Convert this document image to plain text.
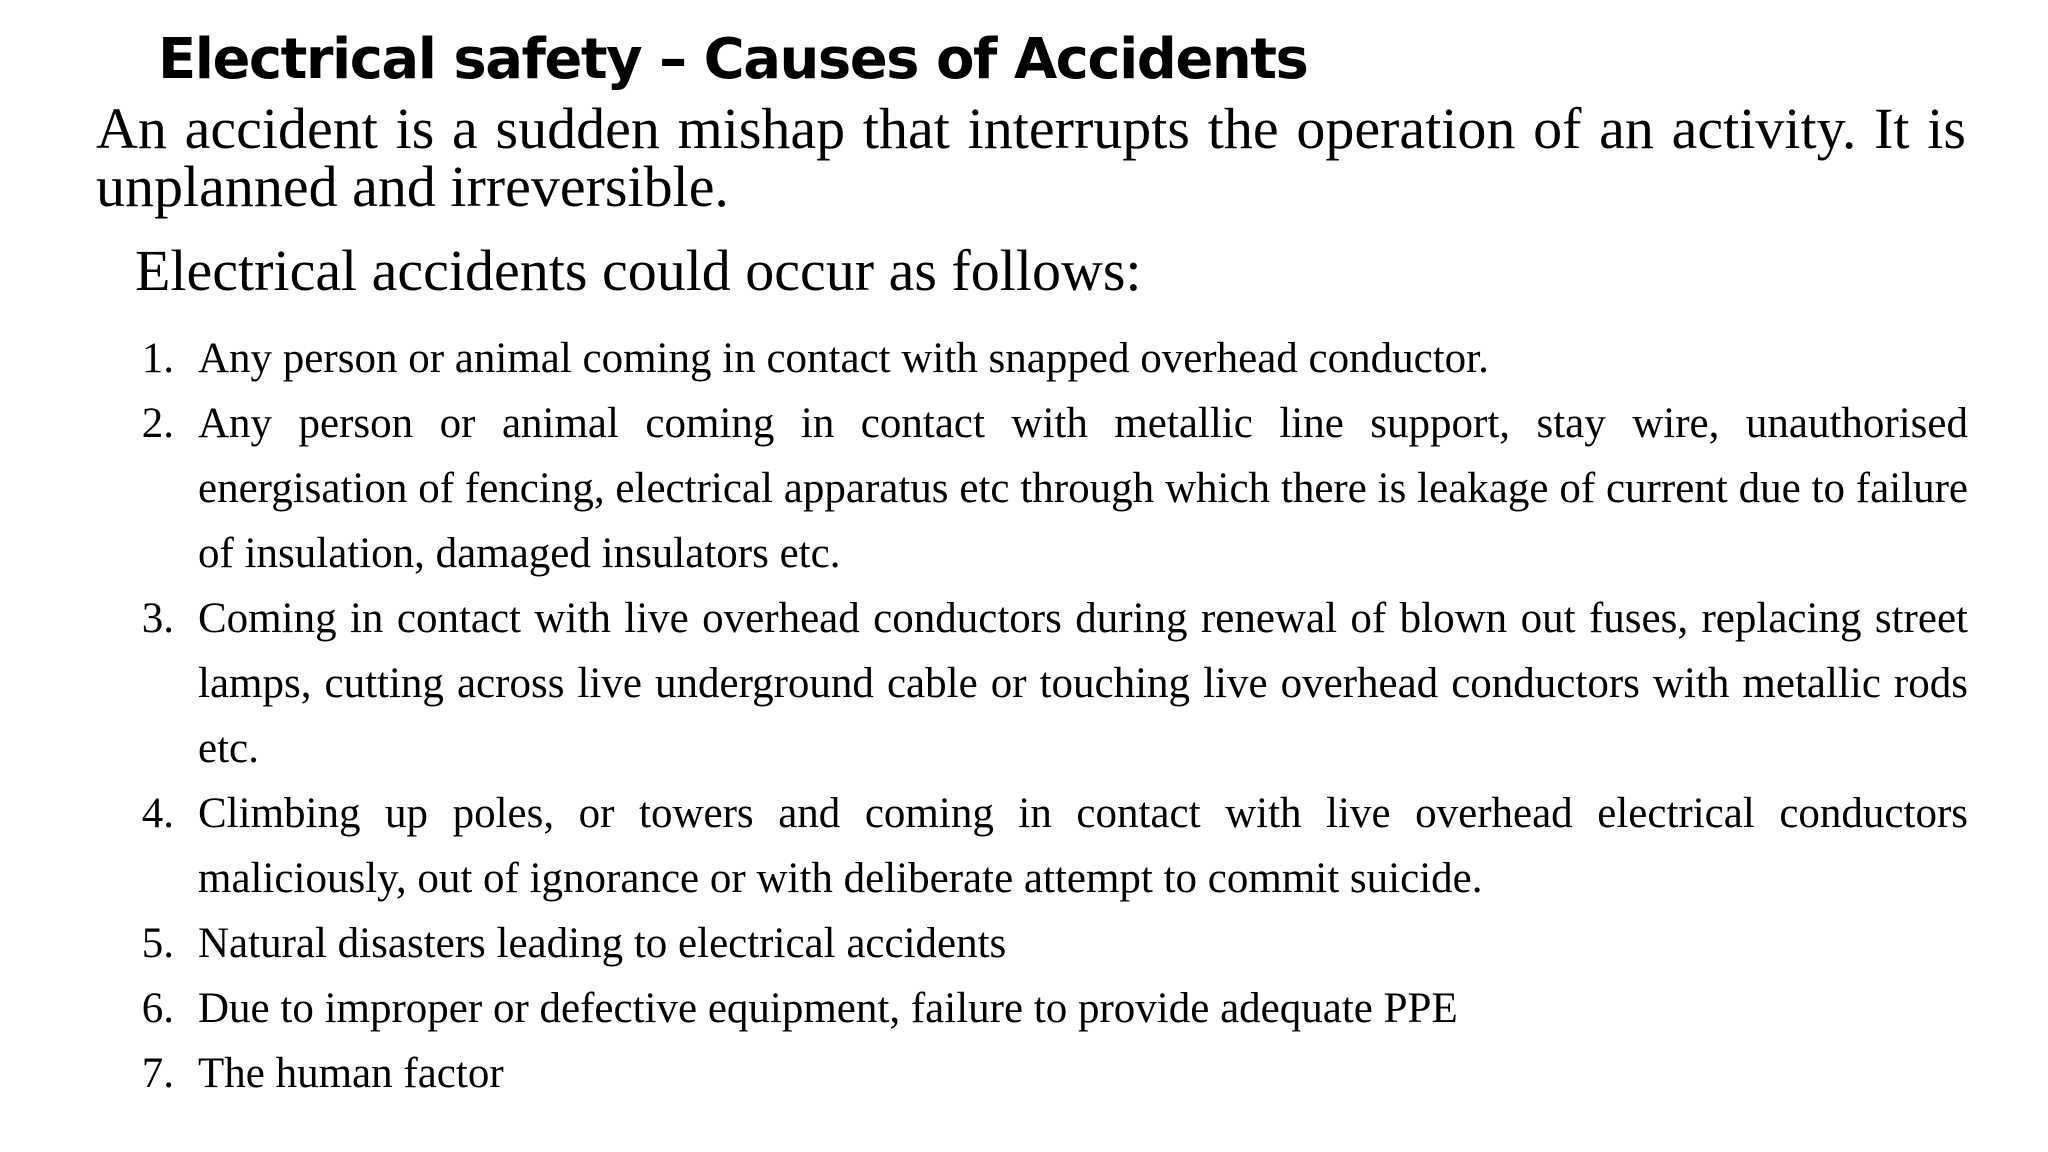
Electrical safety – Causes of Accidents

An accident is a sudden mishap that interrupts the operation of an activity. It is unplanned and irreversible.

Electrical accidents could occur as follows:

1 . Any person or animal coming in contact with snapped overhead conductor.
2 . Any person or animal coming in contact with metallic line support, stay wire, unauthorised energisation of fencing, electrical apparatus etc through which there is leakage of current due to failure of insulation, damaged insulators etc.
3 . Coming in contact with live overhead conductors during renewal of blown out fuses, replacing street lamps, cutting across live underground cable or touching live overhead conductors with metallic rods etc.
4 . Climbing up poles, or towers and coming in contact with live overhead electrical conductors maliciously, out of ignorance or with deliberate attempt to commit suicide.
5 . Natural disasters leading to electrical accidents
6 . Due to improper or defective equipment, failure to provide adequate PPE
7 . The human factor
